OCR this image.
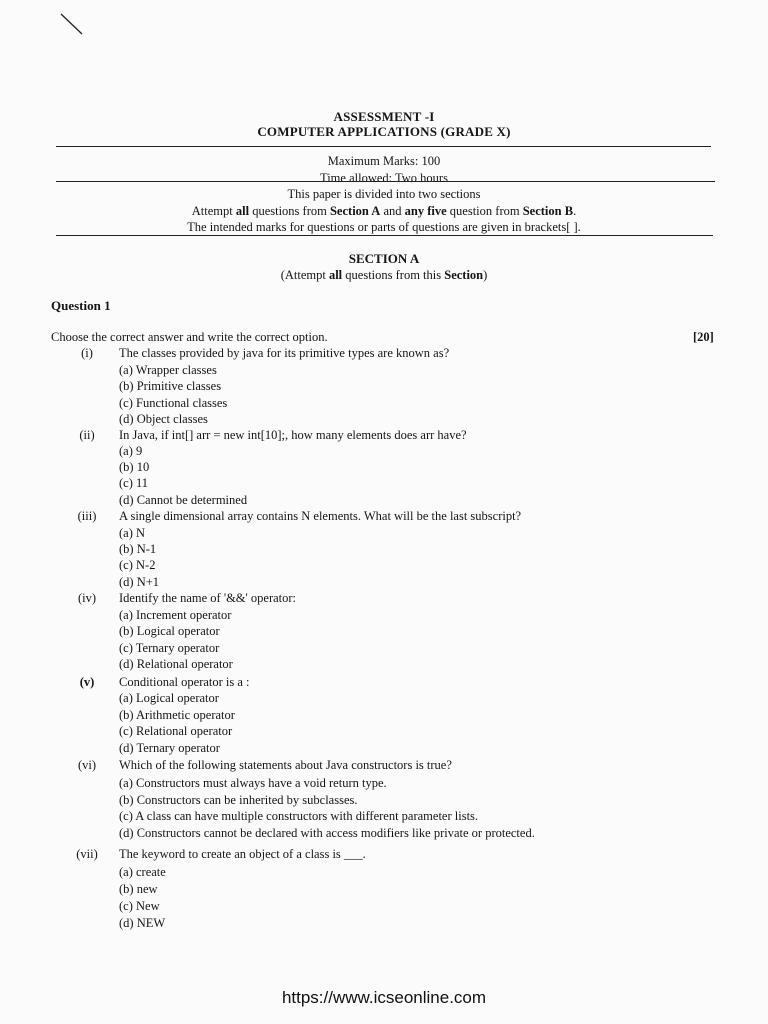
ASSESSMENT -I
COMPUTER APPLICATIONS (GRADE X)
Maximum Marks: 100
Time allowed: Two hours
This paper is divided into two sections
Attempt all questions from Section A and any five question from Section B.
The intended marks for questions or parts of questions are given in brackets[ ].
SECTION A
(Attempt all questions from this Section)
Question 1
Choose the correct answer and write the correct option.	[20]
(i)	The classes provided by java for its primitive types are known as?
(a) Wrapper classes
(b) Primitive classes
(c) Functional classes
(d) Object classes
(ii)	In Java, if int[] arr = new int[10];, how many elements does arr have?
(a) 9
(b) 10
(c) 11
(d) Cannot be determined
(iii)	A single dimensional array contains N elements. What will be the last subscript?
(a) N
(b) N-1
(c) N-2
(d) N+1
(iv)	Identify the name of '&&' operator:
(a) Increment operator
(b) Logical operator
(c) Ternary operator
(d) Relational operator
(v)	Conditional operator is a :
(a) Logical operator
(b) Arithmetic operator
(c) Relational operator
(d) Ternary operator
(vi)	Which of the following statements about Java constructors is true?
(a) Constructors must always have a void return type.
(b) Constructors can be inherited by subclasses.
(c) A class can have multiple constructors with different parameter lists.
(d) Constructors cannot be declared with access modifiers like private or protected.
(vii)	The keyword to create an object of a class is ___.
(a) create
(b) new
(c) New
(d) NEW
https://www.icseonline.com
